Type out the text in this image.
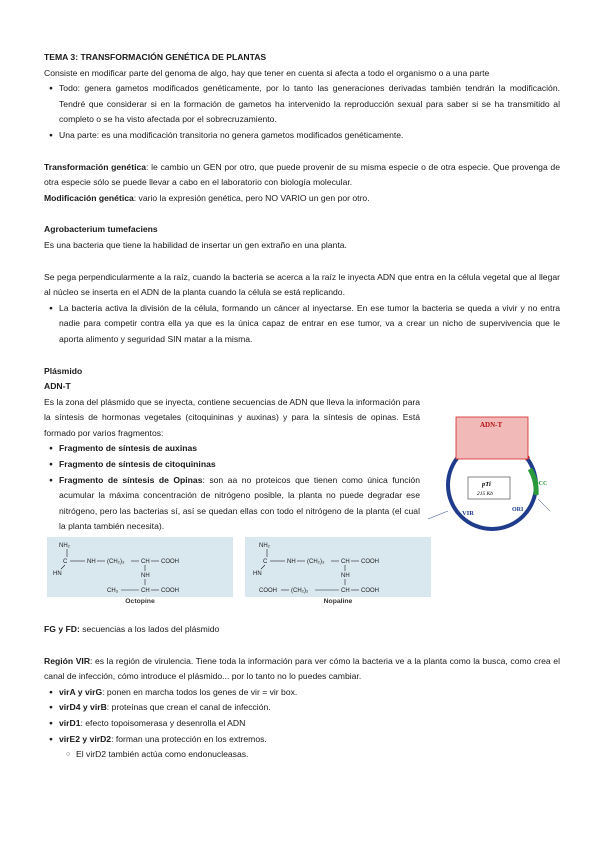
TEMA 3: TRANSFORMACIÓN GENÉTICA DE PLANTAS

Consiste en modificar parte del genoma de algo, hay que tener en cuenta si afecta a todo el organismo o a una parte

● Todo: genera gametos modificados genéticamente, por lo tanto las generaciones derivadas también tendrán la modificación. Tendré que considerar si en la formación de gametos ha intervenido la reproducción sexual para saber si se ha transmitido al completo o se ha visto afectada por el sobrecruzamiento.
● Una parte: es una modificación transitoria no genera gametos modificados genéticamente.

Transformación genética: le cambio un GEN por otro, que puede provenir de su misma especie o de otra especie. Que provenga de otra especie sólo se puede llevar a cabo en el laboratorio con biología molecular.

Modificación genética: vario la expresión genética, pero NO VARIO un gen por otro.

Agrobacterium tumefaciens

Es una bacteria que tiene la habilidad de insertar un gen extraño en una planta.

Se pega perpendicularmente a la raíz, cuando la bacteria se acerca a la raíz le inyecta ADN que entra en la célula vegetal que al llegar al núcleo se inserta en el ADN de la planta cuando la célula se está replicando.

● La bacteria activa la división de la célula, formando un cáncer al inyectarse. En ese tumor la bacteria se queda a vivir y no entra nadie para competir contra ella ya que es la única capaz de entrar en ese tumor, va a crear un nicho de supervivencia que le aporta alimento y seguridad SIN matar a la misma.

Plásmido

ADN-T

Es la zona del plásmido que se inyecta, contiene secuencias de ADN que lleva la información para la síntesis de hormonas vegetales (citoquininas y auxinas) y para la síntesis de opinas. Está formado por varios fragmentos:

● Fragmento de síntesis de auxinas
● Fragmento de síntesis de citoquininas
● Fragmento de síntesis de Opinas: son aa no proteicos que tienen como única función acumular la máxima concentración de nitrógeno posible, la planta no puede degradar ese nitrógeno, pero las bacterias sí, así se quedan ellas con todo el nitrógeno de la planta (el cual la planta también necesita).
ADN-T
pTi
215 Kb
VIR
OCC
ORI
NH₂
C	NH (CH₂)₃	CH COOH
HN	NH
CH₃	CH COOH
Octopine
NH₂
C	NH (CH₂)₃	CH COOH
HN	NH
COOH (CH₂)₂	CH COOH
Nopaline

FG y FD: secuencias a los lados del plásmido

Región VIR: es la región de virulencia. Tiene toda la información para ver cómo la bacteria ve a la planta como la busca, como crea el canal de infección, cómo introduce el plásmido... por lo tanto no lo puedes cambiar.

● virA y virG: ponen en marcha todos los genes de vir = vir box.
● virD4 y virB: proteínas que crean el canal de infección.
● virD1: efecto topoisomerasa y desenrolla el ADN
● virE2 y virD2: forman una protección en los extremos.
○ El virD2 también actúa como endonucleasas.
